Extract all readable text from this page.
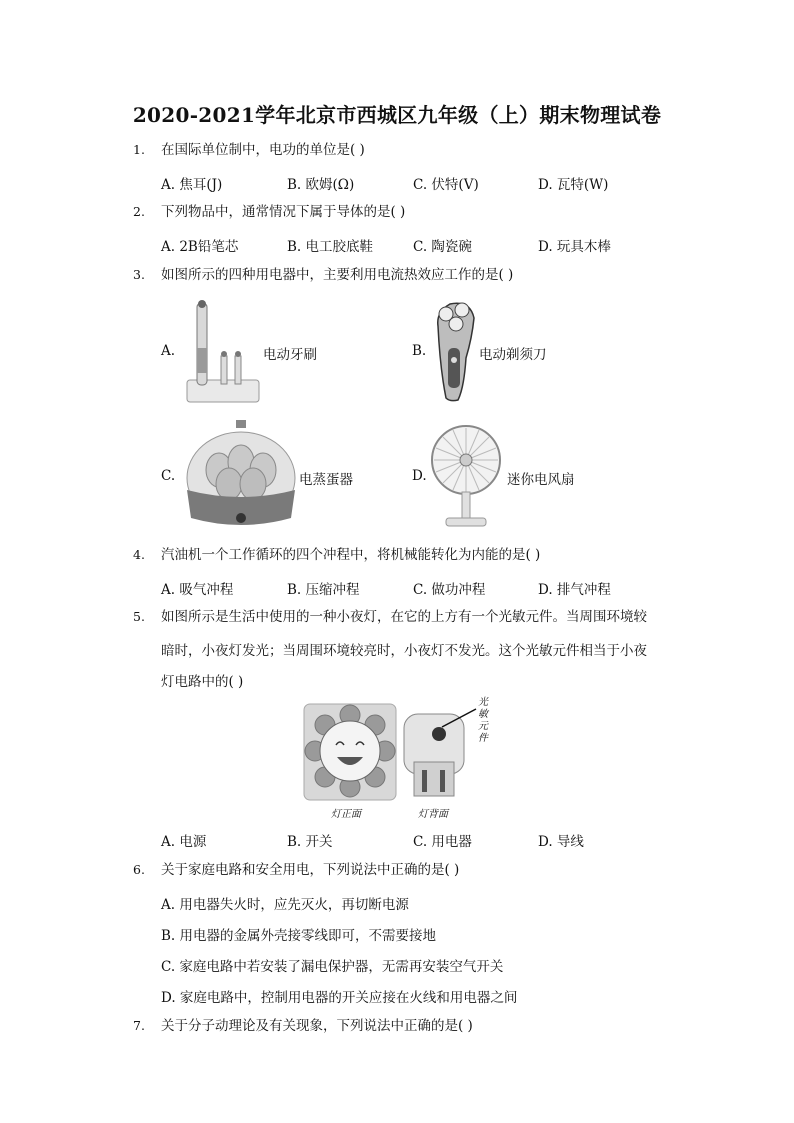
2020-2021学年北京市西城区九年级（上）期末物理试卷
1. 在国际单位制中，电功的单位是( )
A. 焦耳(J)	B. 欧姆(Ω)	C. 伏特(V)	D. 瓦特(W)
2. 下列物品中，通常情况下属于导体的是( )
A. 2B铅笔芯	B. 电工胶底鞋	C. 陶瓷碗	D. 玩具木棒
3. 如图所示的四种用电器中，主要利用电流热效应工作的是( )
A.	电动牙刷	B.	电动剃须刀
C.	电蒸蛋器	D.	迷你电风扇
4. 汽油机一个工作循环的四个冲程中，将机械能转化为内能的是( )
A. 吸气冲程	B. 压缩冲程	C. 做功冲程	D. 排气冲程
5. 如图所示是生活中使用的一种小夜灯，在它的上方有一个光敏元件。当周围环境较
暗时，小夜灯发光；当周围环境较亮时，小夜灯不发光。这个光敏元件相当于小夜
灯电路中的( )
光敏元件
灯正面	灯背面
A. 电源	B. 开关	C. 用电器	D. 导线
6. 关于家庭电路和安全用电，下列说法中正确的是( )
A. 用电器失火时，应先灭火，再切断电源
B. 用电器的金属外壳接零线即可，不需要接地
C. 家庭电路中若安装了漏电保护器，无需再安装空气开关
D. 家庭电路中，控制用电器的开关应接在火线和用电器之间
7. 关于分子动理论及有关现象，下列说法中正确的是( )
